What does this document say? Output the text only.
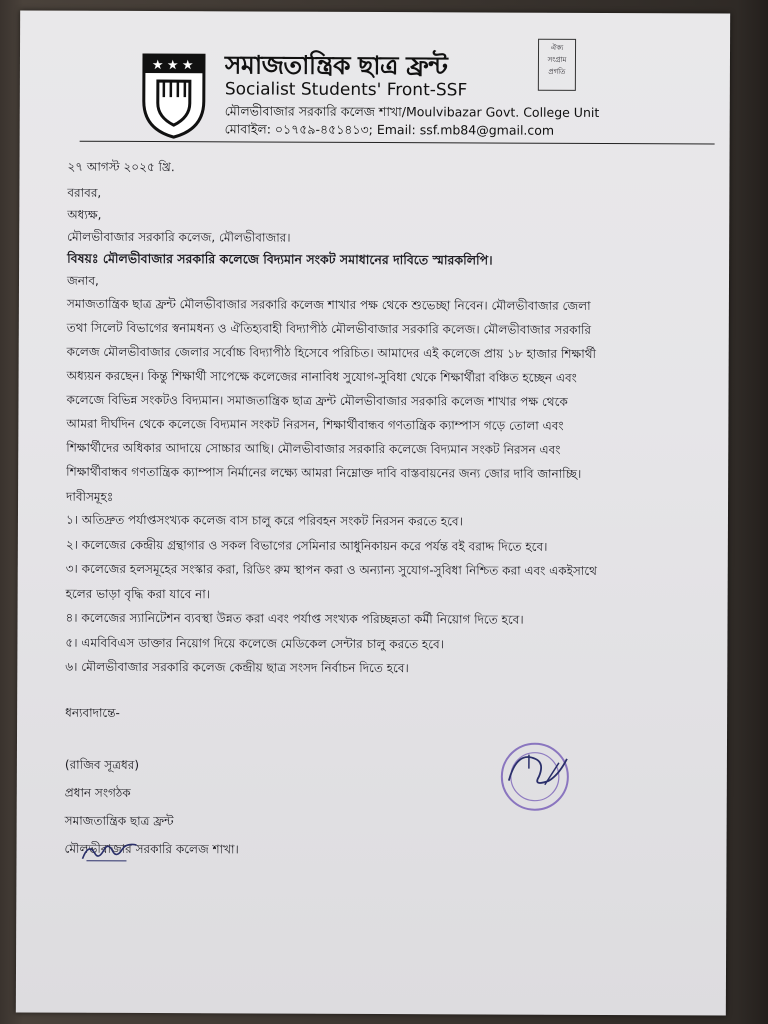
★ ★ ★ সমাজতান্ত্রিক ছাত্র ফ্রন্ট
Socialist Students' Front-SSF
মৌলভীবাজার সরকারি কলেজ শাখা/Moulvibazar Govt. College Unit
মোবাইল: ০১৭৫৯-৪৫১৪১৩; Email: ssf.mb84@gmail.com
ঐক্য
সংগ্রাম
প্রগতি
২৭ আগস্ট ২০২৫ খ্রি.
বরাবর,
অধ্যক্ষ,
মৌলভীবাজার সরকারি কলেজ, মৌলভীবাজার।
বিষয়ঃ মৌলভীবাজার সরকারি কলেজে বিদ্যমান সংকট সমাধানের দাবিতে স্মারকলিপি।
জনাব,
সমাজতান্ত্রিক ছাত্র ফ্রন্ট মৌলভীবাজার সরকারি কলেজ শাখার পক্ষ থেকে শুভেচ্ছা নিবেন। মৌলভীবাজার জেলা
তথা সিলেট বিভাগের স্বনামধন্য ও ঐতিহ্যবাহী বিদ্যাপীঠ মৌলভীবাজার সরকারি কলেজ। মৌলভীবাজার সরকারি
কলেজ মৌলভীবাজার জেলার সর্বোচ্চ বিদ্যাপীঠ হিসেবে পরিচিত। আমাদের এই কলেজে প্রায় ১৮ হাজার শিক্ষার্থী
অধ্যয়ন করছেন। কিন্তু শিক্ষার্থী সাপেক্ষে কলেজের নানাবিধ সুযোগ-সুবিধা থেকে শিক্ষার্থীরা বঞ্চিত হচ্ছেন এবং
কলেজে বিভিন্ন সংকটও বিদ্যমান। সমাজতান্ত্রিক ছাত্র ফ্রন্ট মৌলভীবাজার সরকারি কলেজ শাখার পক্ষ থেকে
আমরা দীর্ঘদিন থেকে কলেজে বিদ্যমান সংকট নিরসন, শিক্ষার্থীবান্ধব গণতান্ত্রিক ক্যাম্পাস গড়ে তোলা এবং
শিক্ষার্থীদের অধিকার আদায়ে সোচ্চার আছি। মৌলভীবাজার সরকারি কলেজে বিদ্যমান সংকট নিরসন এবং
শিক্ষার্থীবান্ধব গণতান্ত্রিক ক্যাম্পাস নির্মানের লক্ষ্যে আমরা নিম্নোক্ত দাবি বাস্তবায়নের জন্য জোর দাবি জানাচ্ছি।
দাবীসমূহঃ
১। অতিদ্রুত পর্যাপ্তসংখ্যক কলেজ বাস চালু করে পরিবহন সংকট নিরসন করতে হবে।
২। কলেজের কেন্দ্রীয় গ্রন্থাগার ও সকল বিভাগের সেমিনার আধুনিকায়ন করে পর্যন্ত বই বরাদ্দ দিতে হবে।
৩। কলেজের হলসমূহের সংস্কার করা, রিডিং রুম স্থাপন করা ও অন্যান্য সুযোগ-সুবিধা নিশ্চিত করা এবং একইসাথে
হলের ভাড়া বৃদ্ধি করা যাবে না।
৪। কলেজের স্যানিটেশন ব্যবস্থা উন্নত করা এবং পর্যাপ্ত সংখ্যক পরিচ্ছন্নতা কর্মী নিয়োগ দিতে হবে।
৫। এমবিবিএস ডাক্তার নিয়োগ দিয়ে কলেজে মেডিকেল সেন্টার চালু করতে হবে।
৬। মৌলভীবাজার সরকারি কলেজ কেন্দ্রীয় ছাত্র সংসদ নির্বাচন দিতে হবে।
ধন্যবাদান্তে-
(রাজিব সূত্রধর)
প্রধান সংগঠক
সমাজতান্ত্রিক ছাত্র ফ্রন্ট
মৌলভীবাজার সরকারি কলেজ শাখা।
